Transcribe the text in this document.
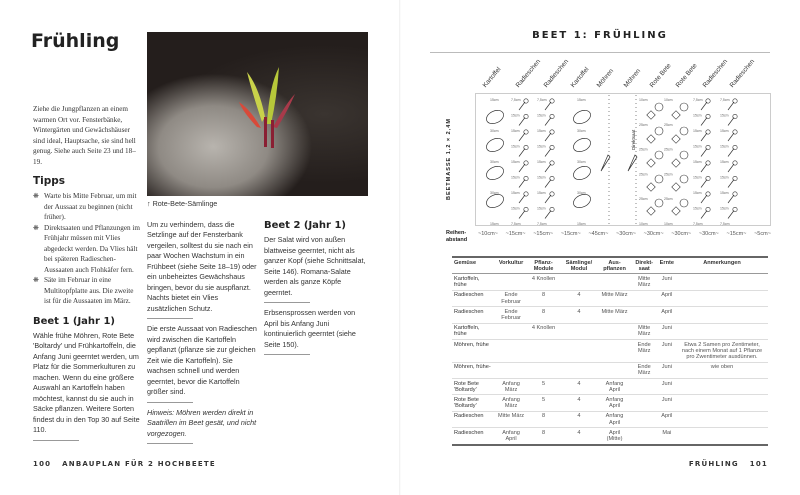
Frühling
Ziehe die Jungpflanzen an einem warmen Ort vor. Fensterbänke, Wintergärten und Gewächshäuser sind ideal, Hauptsache, sie sind hell genug. Siehe auch Seite 23 und 18–19.
Tipps
❋ Warte bis Mitte Februar, um mit der Aussaat zu beginnen (nicht früher).
❋ Direktsaaten und Pflanzungen im Frühjahr müssen mit Vlies abgedeckt werden. Da Vlies hält bei späteren Radieschen-Aussaaten auch Flohkäfer fern.
❋ Säte im Februar in eine Multitopfplatte aus. Die zweite ist für die Aussaaten im März.
Beet 1 (Jahr 1)
Wähle frühe Möhren, Rote Bete 'Boltardy' und Frühkartoffeln, die Anfang Juni geerntet werden, um Platz für die Sommerkulturen zu machen. Wenn du eine größere Auswahl an Kartoffeln haben möchtest, kannst du sie auch in Säcke pflanzen. Weitere Sorten findest du in den Top 30 auf Seite 110.
↑ Rote-Bete-Sämlinge
Um zu verhindern, dass die Setzlinge auf der Fensterbank vergeilen, solltest du sie nach ein paar Wochen Wachstum in ein Frühbeet (siehe Seite 18–19) oder ein unbeheiztes Gewächshaus bringen, bevor du sie auspflanzt. Nachts bietet ein Vlies zusätzlichen Schutz.
Die erste Aussaat von Radieschen wird zwischen die Kartoffeln gepflanzt (pflanze sie zur gleichen Zeit wie die Kartoffeln). Sie wachsen schnell und werden geerntet, bevor die Kartoffeln größer sind.
Hinweis: Möhren werden direkt in Saatrillen im Beet gesät, und nicht vorgezogen.
Beet 2 (Jahr 1)
Der Salat wird von außen blattweise geerntet, nicht als ganzer Kopf (siehe Schnittsalat, Seite 146). Romana-Salate werden als ganze Köpfe geerntet.
Erbsensprossen werden von April bis Anfang Juni kontinuierlich geerntet (siehe Seite 150).
100 ANBAUPLAN FÜR 2 HOCHBEETE
BEET 1: FRÜHLING
Kartoffel Radieschen Radieschen Kartoffel Möhren Möhren Rote Bete Rote Bete Radieschen Radieschen
BEETMASSE 1,2 × 2,4M
15cm
30cm
30cm
30cm
15cm
15cm
30cm
30cm
30cm
15cm
7,5cm
15cm
15cm
15cm
15cm
15cm
15cm
15cm
7,5cm
7,5cm
15cm
15cm
15cm
15cm
15cm
15cm
15cm
7,5cm
7,5cm
15cm
15cm
15cm
15cm
15cm
15cm
15cm
7,5cm
7,5cm
15cm
15cm
15cm
15cm
15cm
15cm
15cm
7,5cm
10cm
25cm
25cm
25cm
25cm
10cm
10cm
25cm
25cm
25cm
25cm
10cm
Direktsaat
Reihen-abstand
~10cm~ ~15cm~ ~15cm~ ~15cm~ ~45cm~ ~30cm~ ~30cm~ ~30cm~ ~30cm~ ~15cm~ ~5cm~
Gemüse	Vorkultur	Pflanz-Module	Sämlinge/ Modul	Aus-pflanzen	Direkt-saat	Ernte	Anmerkungen
Kartoffeln, frühe		4 Knollen			Mitte März	Juni	
Radieschen	Ende Februar	8	4	Mitte März		April	
Radieschen	Ende Februar	8	4	Mitte März		April	
Kartoffeln, frühe		4 Knollen			Mitte März	Juni	
Möhren, frühe					Ende März	Juni	Etwa 2 Samen pro Zentimeter, nach einem Monat auf 1 Pflanze pro Zwentimeter ausdünnen.
Möhren, frühe-					Ende März	Juni	wie oben
Rote Bete 'Boltardy'	Anfang März	5	4	Anfang April		Juni	
Rote Bete 'Boltardy'	Anfang März	5	4	Anfang April		Juni	
Radieschen	Mitte März	8	4	Anfang April		April	
Radieschen	Anfang April	8	4	April (Mitte)		Mai	
FRÜHLING 101
